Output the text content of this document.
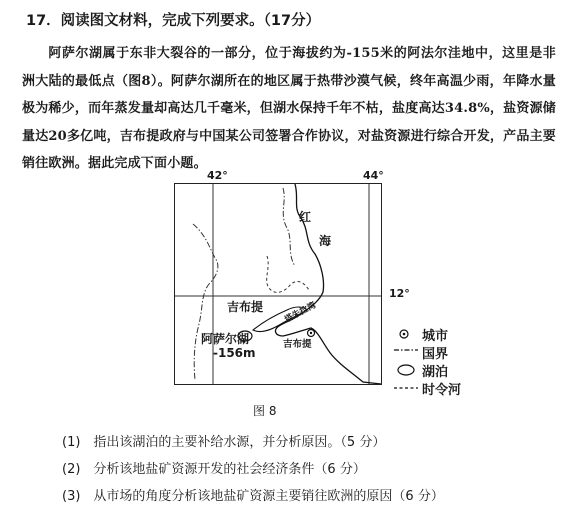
17．阅读图文材料，完成下列要求。（17分）
阿萨尔湖属于东非大裂谷的一部分，位于海拔约为-155米的阿法尔洼地中，这里是非洲大陆的最低点（图8）。阿萨尔湖所在的地区属于热带沙漠气候，终年高温少雨，年降水量极为稀少，而年蒸发量却高达几千毫米，但湖水保持千年不枯，盐度高达34.8%，盐资源储量达20多亿吨，吉布提政府与中国某公司签署合作协议，对盐资源进行综合开发，产品主要销往欧洲。据此完成下面小题。
42°	44°
红
海
吉布提 塔朱拉湾
阿萨尔湖
-156m
吉布提
12°
城市
国界
湖泊
时令河
图 8
(1)　指出该湖泊的主要补给水源，并分析原因。（5 分）
(2)　分析该地盐矿资源开发的社会经济条件（6 分）
(3)　从市场的角度分析该地盐矿资源主要销往欧洲的原因（6 分）
